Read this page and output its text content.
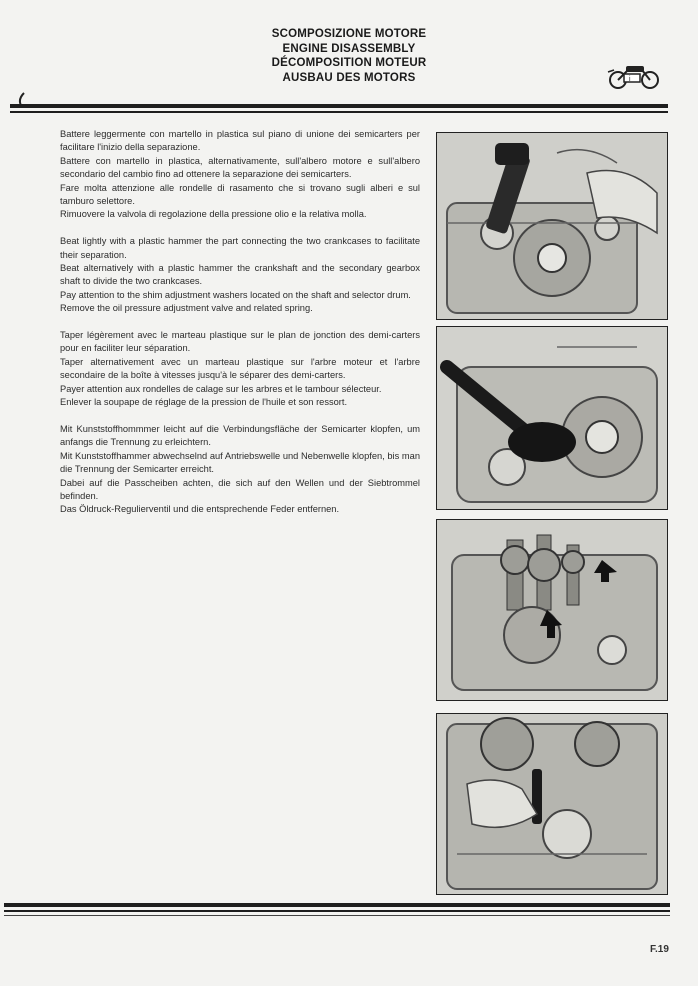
SCOMPOSIZIONE MOTORE
ENGINE DISASSEMBLY
DÉCOMPOSITION MOTEUR
AUSBAU DES MOTORS	i

Battere leggermente con martello in plastica sul piano di unione dei semicarters per facilitare l'inizio della separazione.

Battere con martello in plastica, alternativamente, sull'albero motore e sull'albero secondario del cambio fino ad ottenere la separazione dei semicarters.

Fare molta attenzione alle rondelle di rasamento che si trovano sugli alberi e sul tamburo selettore.

Rimuovere la valvola di regolazione della pressione olio e la relativa molla.

Beat lightly with a plastic hammer the part connecting the two crankcases to facilitate their separation.

Beat alternatively with a plastic hammer the crankshaft and the secondary gearbox shaft to divide the two crankcases.

Pay attention to the shim adjustment washers located on the shaft and selector drum.

Remove the oil pressure adjustment valve and related spring.

Taper légèrement avec le marteau plastique sur le plan de jonction des demi-carters pour en faciliter leur séparation.

Taper alternativement avec un marteau plastique sur l'arbre moteur et l'arbre secondaire de la boîte à vitesses jusqu'à le séparer des demi-carters.

Payer attention aux rondelles de calage sur les arbres et le tambour sélecteur.

Enlever la soupape de réglage de la pression de l'huile et son ressort.

Mit Kunststoffhommmer leicht auf die Verbindungsfläche der Semicarter klopfen, um anfangs die Trennung zu erleichtern.

Mit Kunststoffhammer abwechselnd auf Antriebswelle und Nebenwelle klopfen, bis man die Trennung der Semicarter erreicht.

Dabei auf die Passcheiben achten, die sich auf den Wellen und der Siebtrommel befinden.

Das Öldruck-Regulierventil und die entsprechende Feder entfernen.

F.19
